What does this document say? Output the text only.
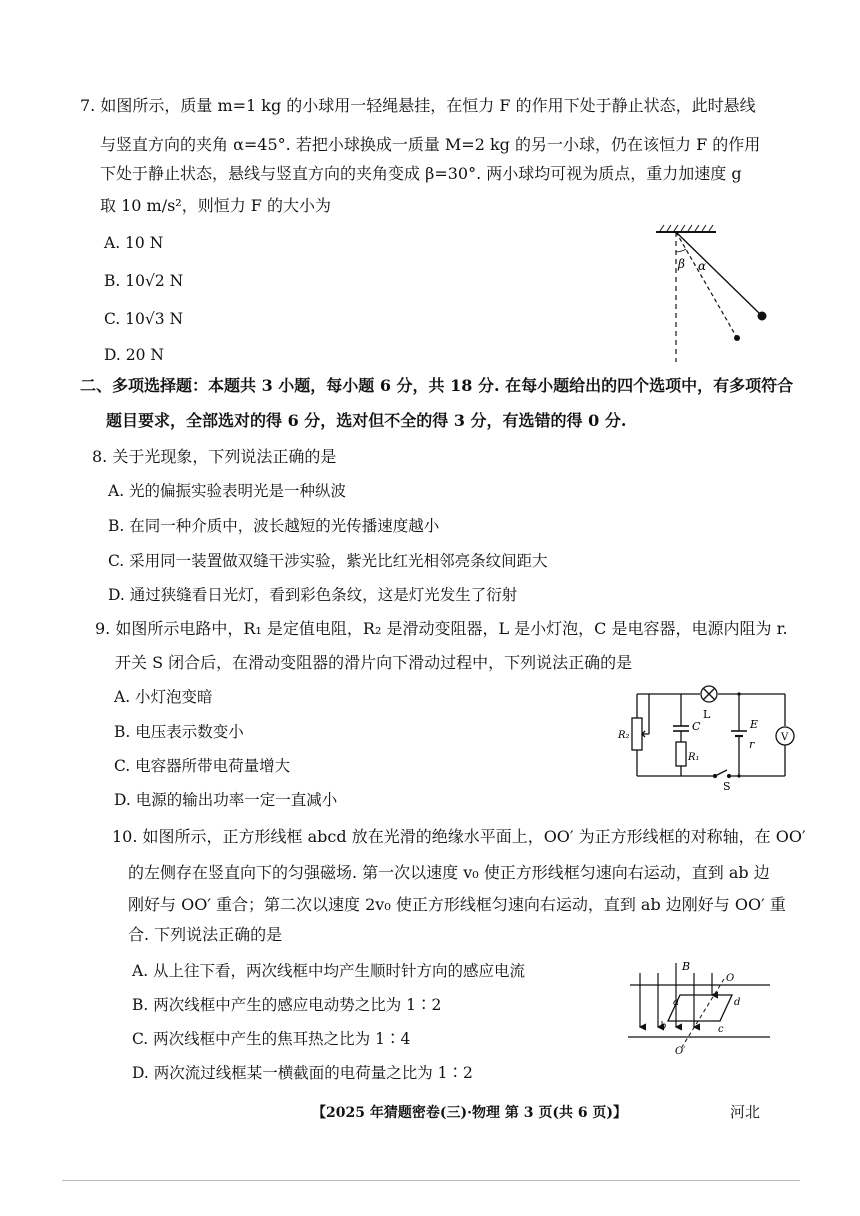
7. 如图所示，质量 m=1 kg 的小球用一轻绳悬挂，在恒力 F 的作用下处于静止状态，此时悬线
与竖直方向的夹角 α=45°. 若把小球换成一质量 M=2 kg 的另一小球，仍在该恒力 F 的作用
下处于静止状态，悬线与竖直方向的夹角变成 β=30°. 两小球均可视为质点，重力加速度 g
取 10 m/s²，则恒力 F 的大小为
A. 10 N
B. 10√2 N
C. 10√3 N
D. 20 N
β α
二、多项选择题：本题共 3 小题，每小题 6 分，共 18 分. 在每小题给出的四个选项中，有多项符合
题目要求，全部选对的得 6 分，选对但不全的得 3 分，有选错的得 0 分.
8. 关于光现象，下列说法正确的是
A. 光的偏振实验表明光是一种纵波
B. 在同一种介质中，波长越短的光传播速度越小
C. 采用同一装置做双缝干涉实验，紫光比红光相邻亮条纹间距大
D. 通过狭缝看日光灯，看到彩色条纹，这是灯光发生了衍射
9. 如图所示电路中，R₁ 是定值电阻，R₂ 是滑动变阻器，L 是小灯泡，C 是电容器，电源内阻为 r.
开关 S 闭合后，在滑动变阻器的滑片向下滑动过程中，下列说法正确的是
A. 小灯泡变暗
B. 电压表示数变小
C. 电容器所带电荷量增大
D. 电源的输出功率一定一直减小
L
C
R₁
R₂
E
r
V
S
10. 如图所示，正方形线框 abcd 放在光滑的绝缘水平面上，OO′ 为正方形线框的对称轴，在 OO′
的左侧存在竖直向下的匀强磁场. 第一次以速度 v₀ 使正方形线框匀速向右运动，直到 ab 边
刚好与 OO′ 重合；第二次以速度 2v₀ 使正方形线框匀速向右运动，直到 ab 边刚好与 OO′ 重
合. 下列说法正确的是
A. 从上往下看，两次线框中均产生顺时针方向的感应电流
B. 两次线框中产生的感应电动势之比为 1∶2
C. 两次线框中产生的焦耳热之比为 1∶4
D. 两次流过线框某一横截面的电荷量之比为 1∶2
B
O
O′
a
b	c
d
【2025 年猜题密卷(三)·物理 第 3 页(共 6 页)】	河北
